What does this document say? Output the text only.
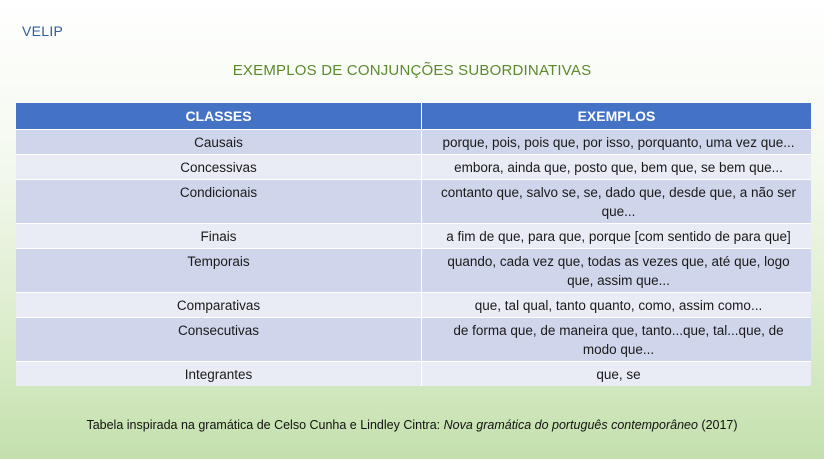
VELIP
EXEMPLOS DE CONJUNÇÕES SUBORDINATIVAS
CLASSES	EXEMPLOS
Causais	porque, pois, pois que, por isso, porquanto, uma vez que...
Concessivas	embora, ainda que, posto que, bem que, se bem que...
Condicionais	contanto que, salvo se, se, dado que, desde que, a não ser que...
Finais	a fim de que, para que, porque [com sentido de para que]
Temporais	quando, cada vez que, todas as vezes que, até que, logo que, assim que...
Comparativas	que, tal qual, tanto quanto, como, assim como...
Consecutivas	de forma que, de maneira que, tanto...que, tal...que, de modo que...
Integrantes	que, se
Tabela inspirada na gramática de Celso Cunha e Lindley Cintra: Nova gramática do português contemporâneo (2017)
